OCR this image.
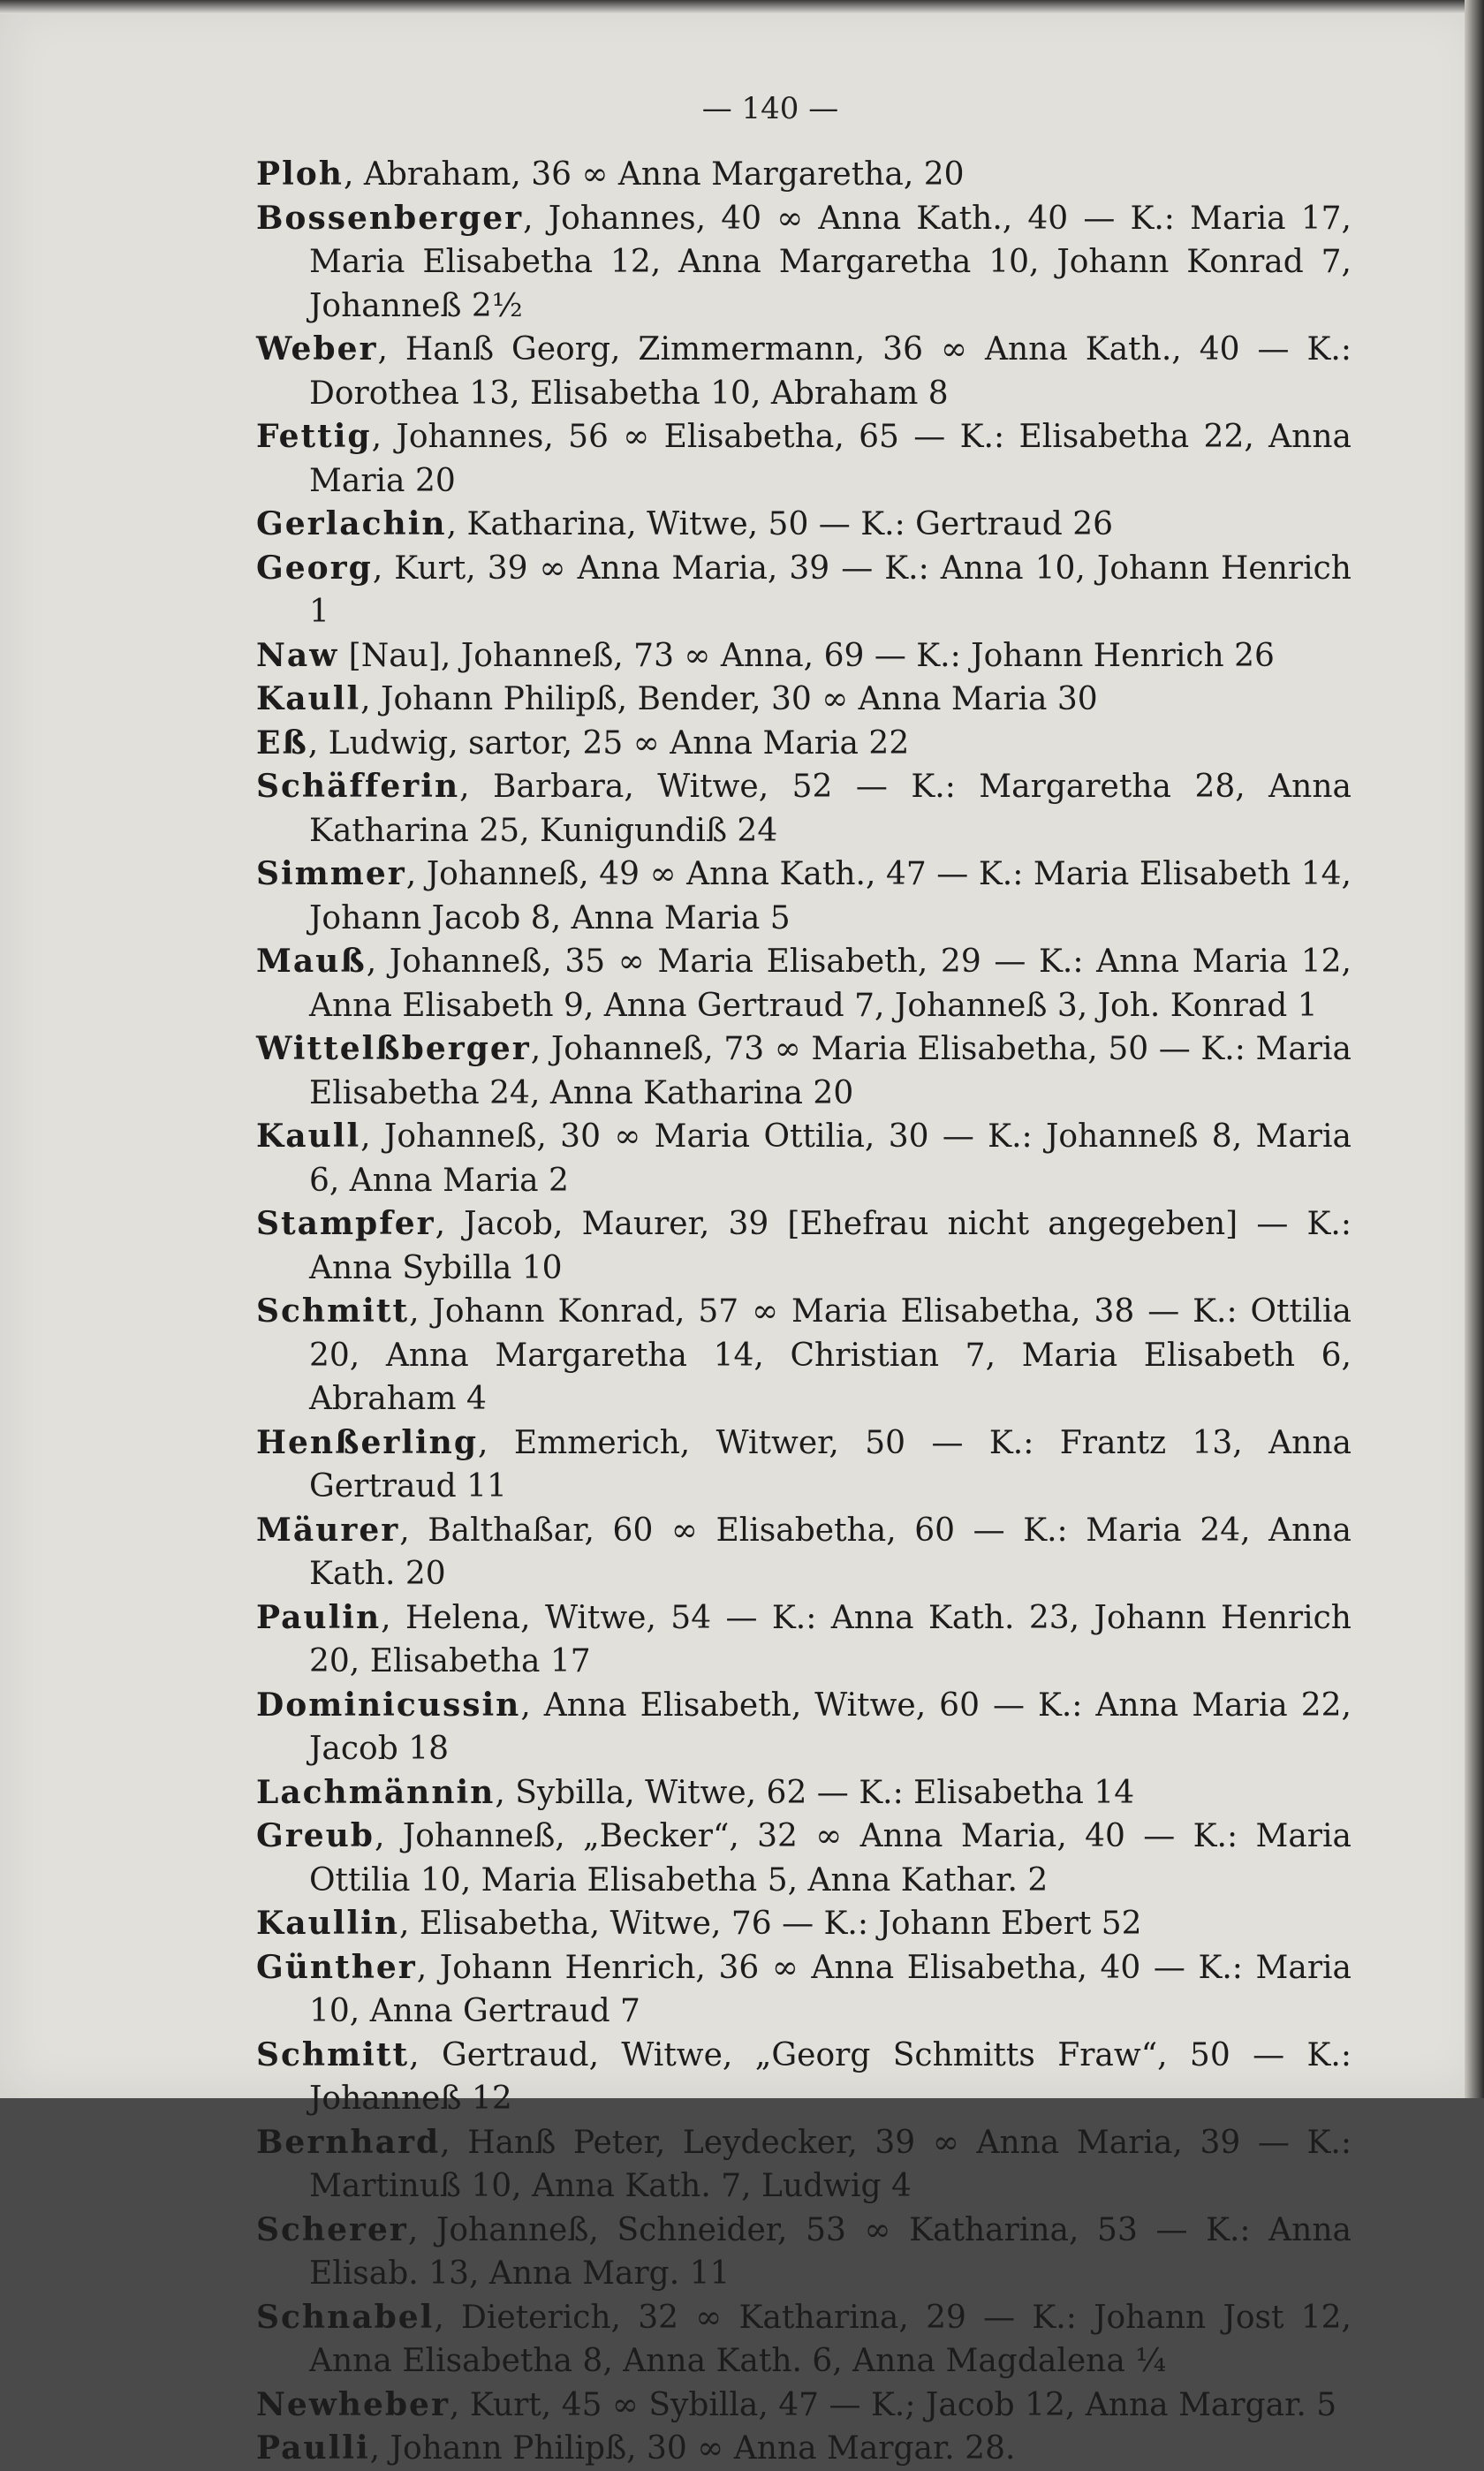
— 140 —
Ploh, Abraham, 36 ∞ Anna Margaretha, 20
Bossenberger, Johannes, 40 ∞ Anna Kath., 40 — K.: Maria 17, Maria Elisabetha 12, Anna Margaretha 10, Johann Konrad 7, Johanneß 2½
Weber, Hanß Georg, Zimmermann, 36 ∞ Anna Kath., 40 — K.: Dorothea 13, Elisabetha 10, Abraham 8
Fettig, Johannes, 56 ∞ Elisabetha, 65 — K.: Elisabetha 22, Anna Maria 20
Gerlachin, Katharina, Witwe, 50 — K.: Gertraud 26
Georg, Kurt, 39 ∞ Anna Maria, 39 — K.: Anna 10, Johann Henrich 1
Naw [Nau], Johanneß, 73 ∞ Anna, 69 — K.: Johann Henrich 26
Kaull, Johann Philipß, Bender, 30 ∞ Anna Maria 30
Eß, Ludwig, sartor, 25 ∞ Anna Maria 22
Schäfferin, Barbara, Witwe, 52 — K.: Margaretha 28, Anna Katharina 25, Kunigundiß 24
Simmer, Johanneß, 49 ∞ Anna Kath., 47 — K.: Maria Elisabeth 14, Johann Jacob 8, Anna Maria 5
Mauß, Johanneß, 35 ∞ Maria Elisabeth, 29 — K.: Anna Maria 12, Anna Elisabeth 9, Anna Gertraud 7, Johanneß 3, Joh. Konrad 1
Wittelßberger, Johanneß, 73 ∞ Maria Elisabetha, 50 — K.: Maria Elisabetha 24, Anna Katharina 20
Kaull, Johanneß, 30 ∞ Maria Ottilia, 30 — K.: Johanneß 8, Maria 6, Anna Maria 2
Stampfer, Jacob, Maurer, 39 [Ehefrau nicht angegeben] — K.: Anna Sybilla 10
Schmitt, Johann Konrad, 57 ∞ Maria Elisabetha, 38 — K.: Ottilia 20, Anna Margaretha 14, Christian 7, Maria Elisabeth 6, Abraham 4
Henßerling, Emmerich, Witwer, 50 — K.: Frantz 13, Anna Gertraud 11
Mäurer, Balthaßar, 60 ∞ Elisabetha, 60 — K.: Maria 24, Anna Kath. 20
Paulin, Helena, Witwe, 54 — K.: Anna Kath. 23, Johann Henrich 20, Elisabetha 17
Dominicussin, Anna Elisabeth, Witwe, 60 — K.: Anna Maria 22, Jacob 18
Lachmännin, Sybilla, Witwe, 62 — K.: Elisabetha 14
Greub, Johanneß, „Becker“, 32 ∞ Anna Maria, 40 — K.: Maria Ottilia 10, Maria Elisabetha 5, Anna Kathar. 2
Kaullin, Elisabetha, Witwe, 76 — K.: Johann Ebert 52
Günther, Johann Henrich, 36 ∞ Anna Elisabetha, 40 — K.: Maria 10, Anna Gertraud 7
Schmitt, Gertraud, Witwe, „Georg Schmitts Fraw“, 50 — K.: Johanneß 12
Bernhard, Hanß Peter, Leydecker, 39 ∞ Anna Maria, 39 — K.: Martinuß 10, Anna Kath. 7, Ludwig 4
Scherer, Johanneß, Schneider, 53 ∞ Katharina, 53 — K.: Anna Elisab. 13, Anna Marg. 11
Schnabel, Dieterich, 32 ∞ Katharina, 29 — K.: Johann Jost 12, Anna Elisabetha 8, Anna Kath. 6, Anna Magdalena ¼
Newheber, Kurt, 45 ∞ Sybilla, 47 — K.; Jacob 12, Anna Margar. 5
Paulli, Johann Philipß, 30 ∞ Anna Margar. 28.
